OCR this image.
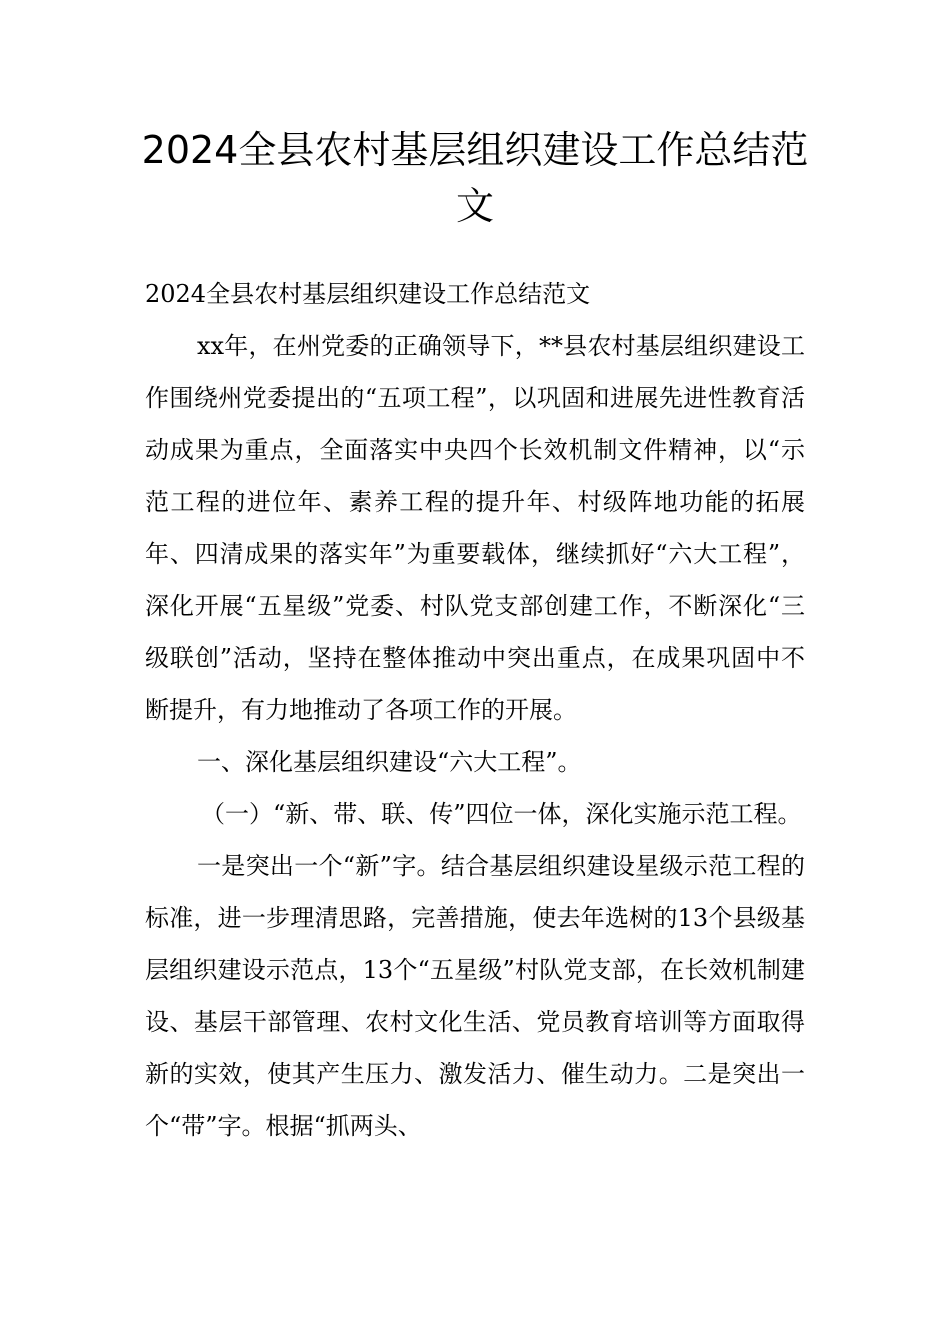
2024全县农村基层组织建设工作总结范文

2024全县农村基层组织建设工作总结范文

xx年，在州党委的正确领导下，**县农村基层组织建设工作围绕州党委提出的“五项工程”，以巩固和进展先进性教育活动成果为重点，全面落实中央四个长效机制文件精神，以“示范工程的进位年、素养工程的提升年、村级阵地功能的拓展年、四清成果的落实年”为重要载体，继续抓好“六大工程”，深化开展“五星级”党委、村队党支部创建工作，不断深化“三级联创”活动，坚持在整体推动中突出重点，在成果巩固中不断提升，有力地推动了各项工作的开展。

一、深化基层组织建设“六大工程”。

（一）“新、带、联、传”四位一体，深化实施示范工程。

一是突出一个“新”字。结合基层组织建设星级示范工程的标准，进一步理清思路，完善措施，使去年选树的13个县级基层组织建设示范点，13个“五星级”村队党支部，在长效机制建设、基层干部管理、农村文化生活、党员教育培训等方面取得新的实效，使其产生压力、激发活力、催生动力。二是突出一个“带”字。根据“抓两头、
